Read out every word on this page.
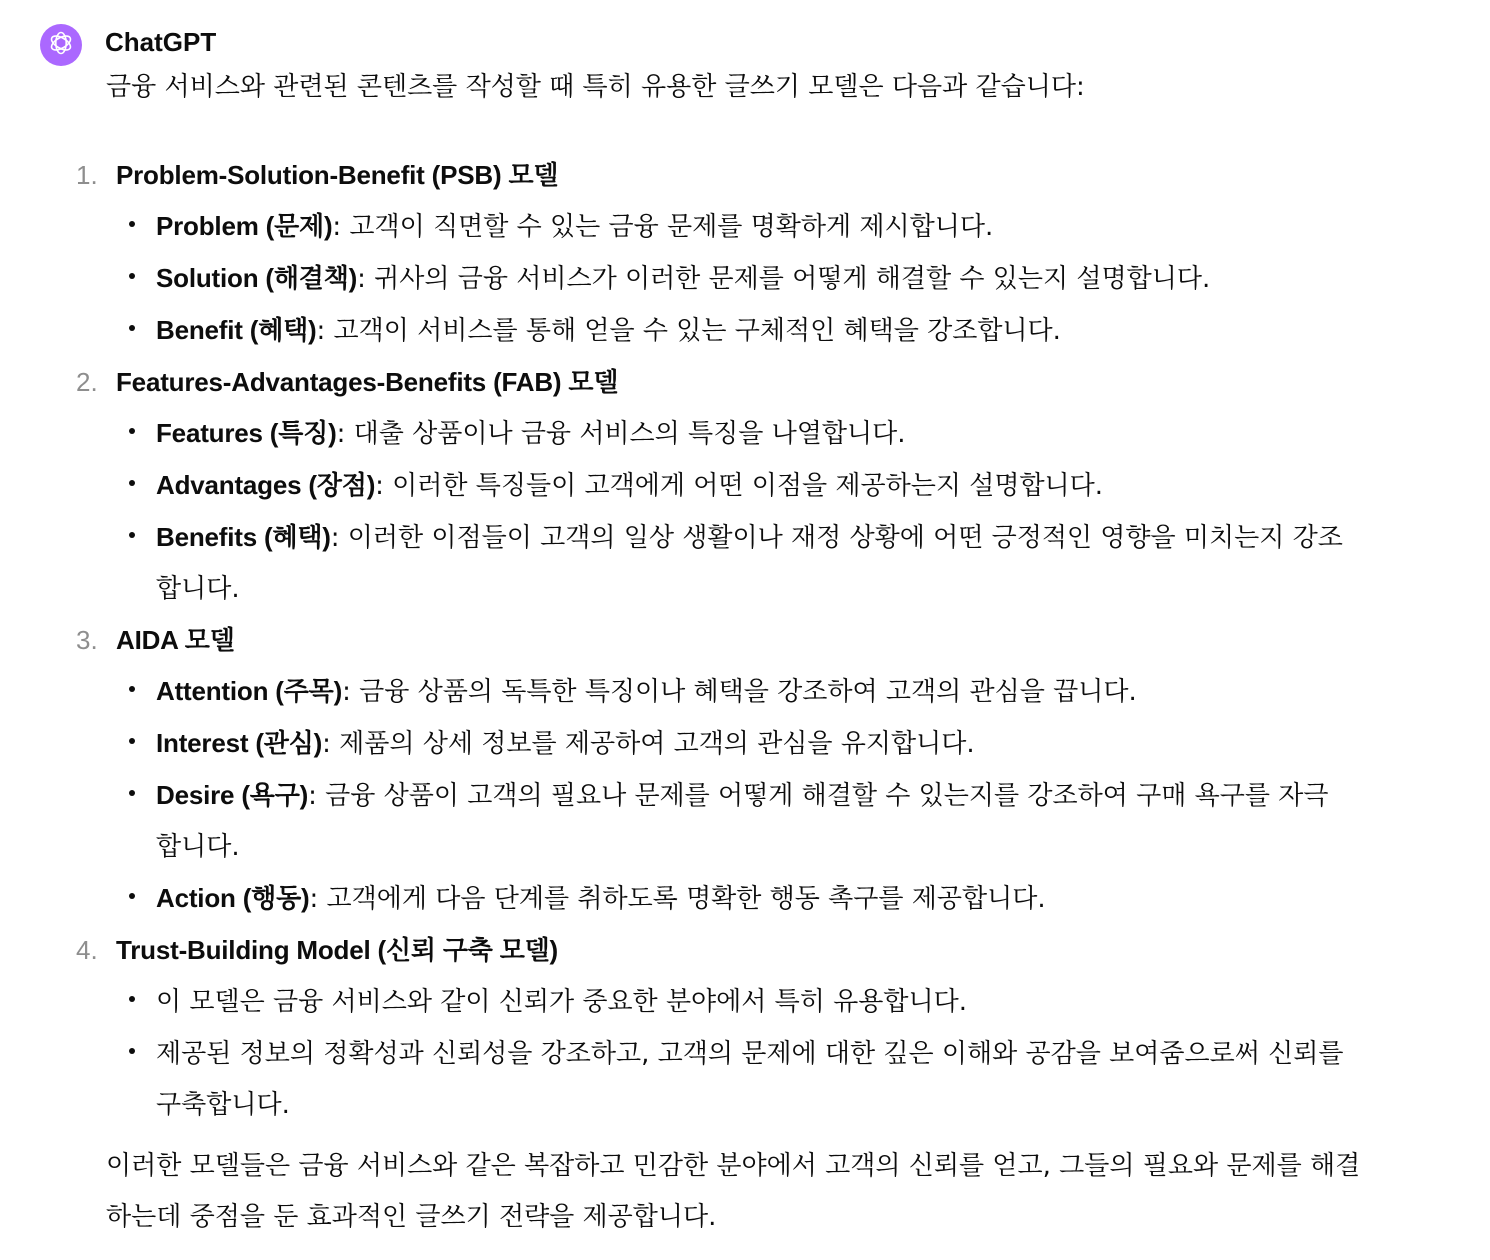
ChatGPT
금융 서비스와 관련된 콘텐츠를 작성할 때 특히 유용한 글쓰기 모델은 다음과 같습니다:
1. Problem-Solution-Benefit (PSB) 모델
Problem (문제): 고객이 직면할 수 있는 금융 문제를 명확하게 제시합니다.
Solution (해결책): 귀사의 금융 서비스가 이러한 문제를 어떻게 해결할 수 있는지 설명합니다.
Benefit (혜택): 고객이 서비스를 통해 얻을 수 있는 구체적인 혜택을 강조합니다.
2. Features-Advantages-Benefits (FAB) 모델
Features (특징): 대출 상품이나 금융 서비스의 특징을 나열합니다.
Advantages (장점): 이러한 특징들이 고객에게 어떤 이점을 제공하는지 설명합니다.
Benefits (혜택): 이러한 이점들이 고객의 일상 생활이나 재정 상황에 어떤 긍정적인 영향을 미치는지 강조합니다.
3. AIDA 모델
Attention (주목): 금융 상품의 독특한 특징이나 혜택을 강조하여 고객의 관심을 끕니다.
Interest (관심): 제품의 상세 정보를 제공하여 고객의 관심을 유지합니다.
Desire (욕구): 금융 상품이 고객의 필요나 문제를 어떻게 해결할 수 있는지를 강조하여 구매 욕구를 자극합니다.
Action (행동): 고객에게 다음 단계를 취하도록 명확한 행동 촉구를 제공합니다.
4. Trust-Building Model (신뢰 구축 모델)
이 모델은 금융 서비스와 같이 신뢰가 중요한 분야에서 특히 유용합니다.
제공된 정보의 정확성과 신뢰성을 강조하고, 고객의 문제에 대한 깊은 이해와 공감을 보여줌으로써 신뢰를 구축합니다.
이러한 모델들은 금융 서비스와 같은 복잡하고 민감한 분야에서 고객의 신뢰를 얻고, 그들의 필요와 문제를 해결하는데 중점을 둔 효과적인 글쓰기 전략을 제공합니다.
